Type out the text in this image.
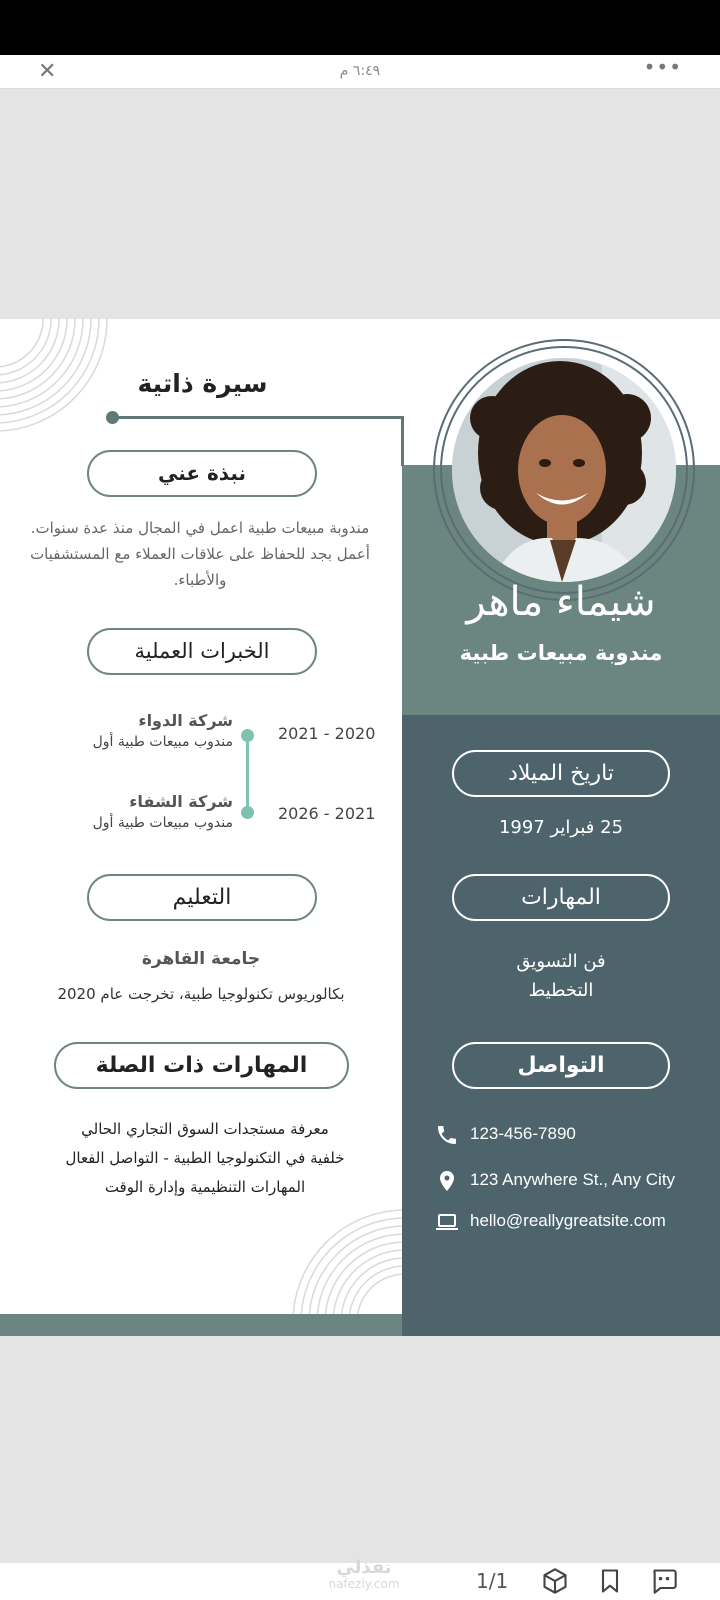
✕	٦:٤٩ م	•••
سيرة ذاتية
شيماء ماهر
مندوبة مبيعات طبية
نبذة عني
مندوبة مبيعات طبية اعمل في المجال منذ عدة سنوات. أعمل بجد للحفاظ على علاقات العملاء مع المستشفيات والأطباء.
الخبرات العملية
شركة الدواء
مندوب مبيعات طبية أول	2021 - 2020
شركة الشفاء
مندوب مبيعات طبية أول	2026 - 2021
التعليم
جامعة القاهرة
بكالوريوس تكنولوجيا طبية، تخرجت عام 2020
المهارات ذات الصلة
معرفة مستجدات السوق التجاري الحالي
خلفية في التكنولوجيا الطبية - التواصل الفعال
المهارات التنظيمية وإدارة الوقت
تاريخ الميلاد
25 فبراير 1997
المهارات
فن التسويق
التخطيط
التواصل
123-456-7890
123 Anywhere St., Any City
hello@reallygreatsite.com
نفذلي
nafezly.com	1/1
